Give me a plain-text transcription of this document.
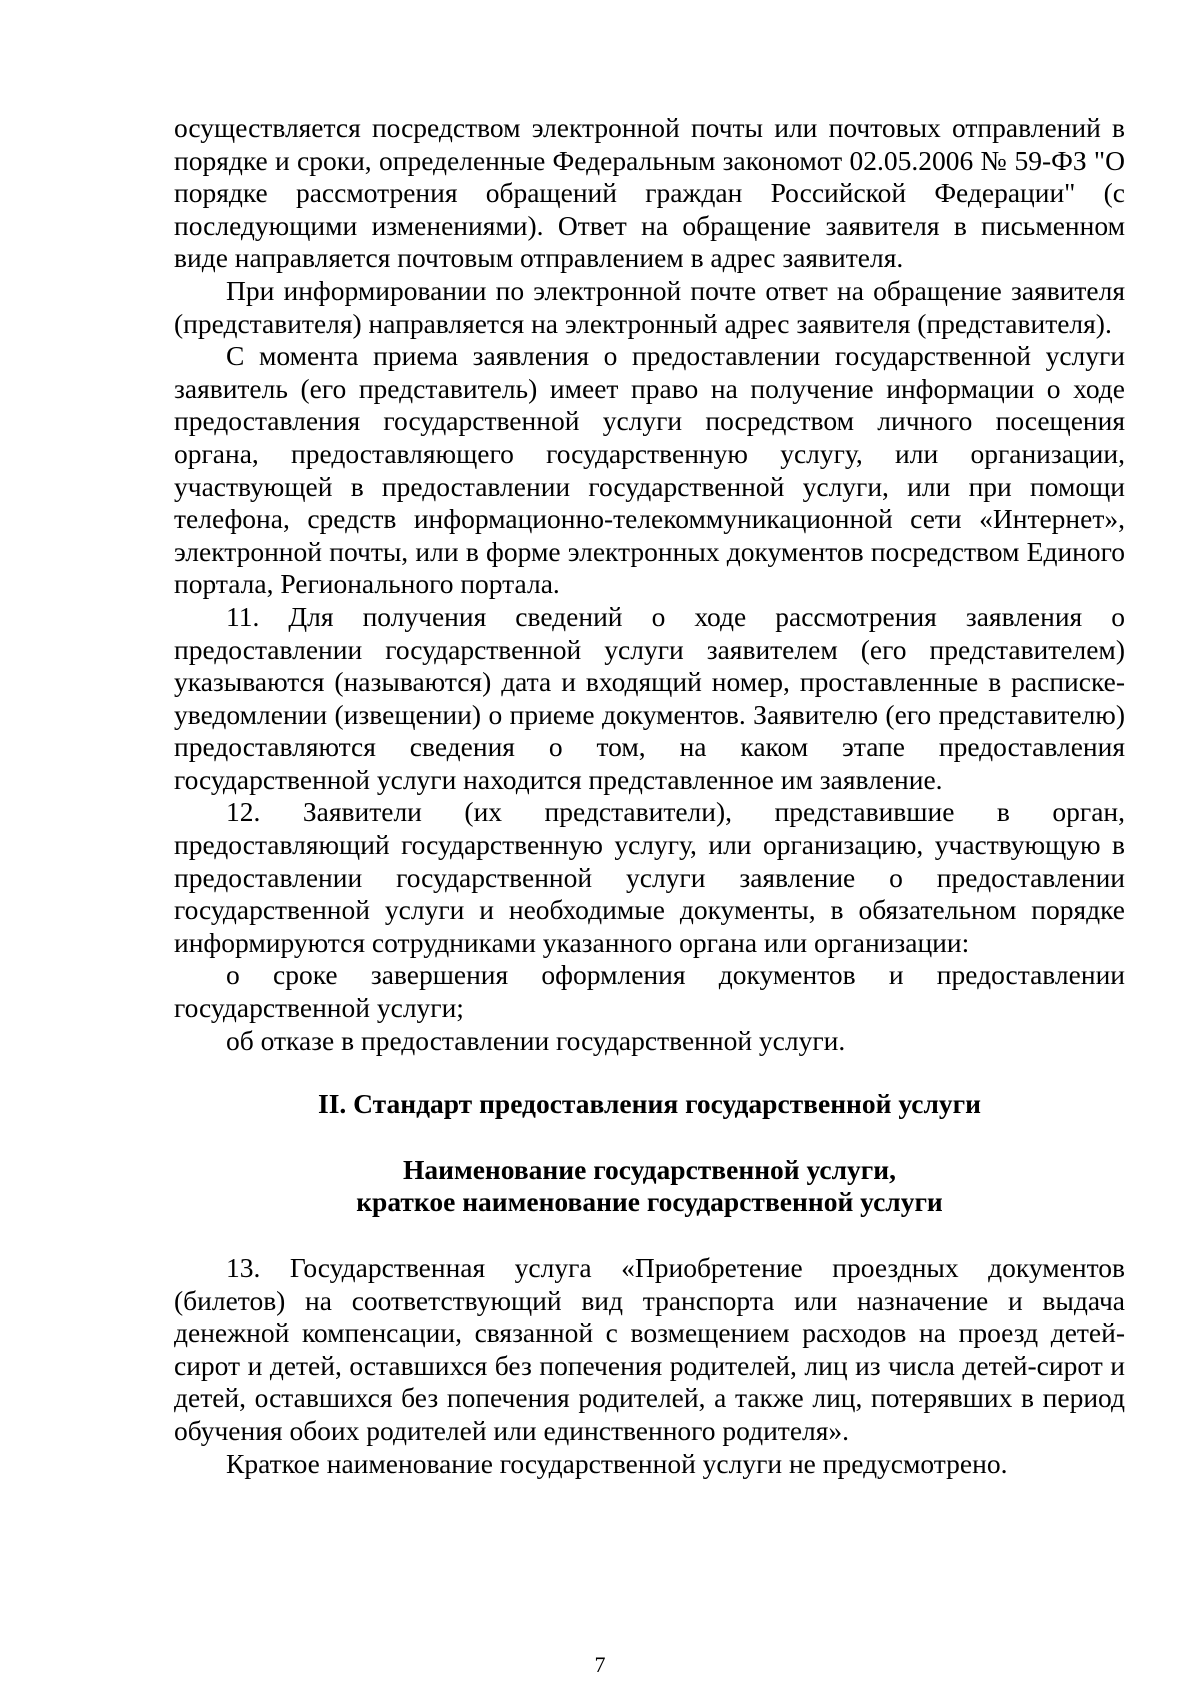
осуществляется посредством электронной почты или почтовых отправлений в порядке и сроки, определенные Федеральным закономот 02.05.2006 № 59-ФЗ "О порядке рассмотрения обращений граждан Российской Федерации" (с последующими изменениями). Ответ на обращение заявителя в письменном виде направляется почтовым отправлением в адрес заявителя.

При информировании по электронной почте ответ на обращение заявителя (представителя) направляется на электронный адрес заявителя (представителя).

С момента приема заявления о предоставлении государственной услуги заявитель (его представитель) имеет право на получение информации о ходе предоставления государственной услуги посредством личного посещения органа, предоставляющего государственную услугу, или организации, участвующей в предоставлении государственной услуги, или при помощи телефона, средств информационно-телекоммуникационной сети «Интернет», электронной почты, или в форме электронных документов посредством Единого портала, Регионального портала.

11. Для получения сведений о ходе рассмотрения заявления о предоставлении государственной услуги заявителем (его представителем) указываются (называются) дата и входящий номер, проставленные в расписке-уведомлении (извещении) о приеме документов. Заявителю (его представителю) предоставляются сведения о том, на каком этапе предоставления государственной услуги находится представленное им заявление.

12. Заявители (их представители), представившие в орган, предоставляющий государственную услугу, или организацию, участвующую в предоставлении государственной услуги заявление о предоставлении государственной услуги и необходимые документы, в обязательном порядке информируются сотрудниками указанного органа или организации:

о сроке завершения оформления документов и предоставлении государственной услуги;

об отказе в предоставлении государственной услуги.

II. Стандарт предоставления государственной услуги

Наименование государственной услуги,

краткое наименование государственной услуги

13. Государственная услуга «Приобретение проездных документов (билетов) на соответствующий вид транспорта или назначение и выдача денежной компенсации, связанной с возмещением расходов на проезд детей-сирот и детей, оставшихся без попечения родителей, лиц из числа детей-сирот и детей, оставшихся без попечения родителей, а также лиц, потерявших в период обучения обоих родителей или единственного родителя».

Краткое наименование государственной услуги не предусмотрено.

7
